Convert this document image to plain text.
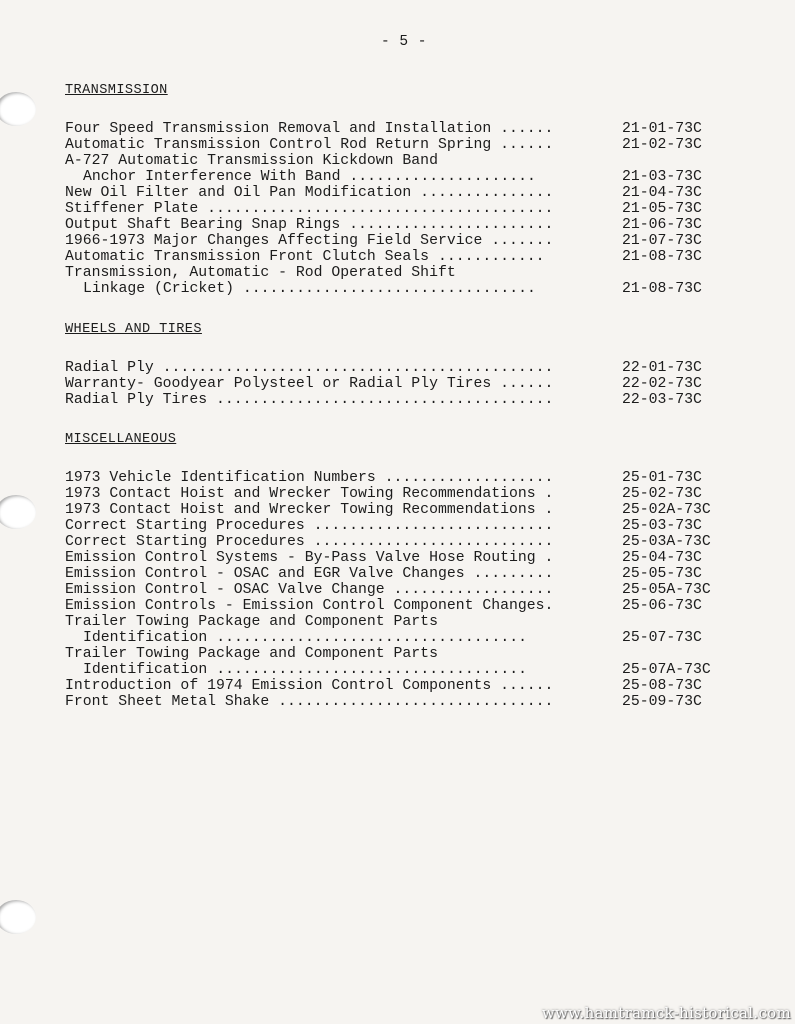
- 5 -
TRANSMISSION
Four Speed Transmission Removal and Installation ......	21-01-73C
Automatic Transmission Control Rod Return Spring ......	21-02-73C
A-727 Automatic Transmission Kickdown Band
Anchor Interference With Band .....................	21-03-73C
New Oil Filter and Oil Pan Modification ...............	21-04-73C
Stiffener Plate .......................................	21-05-73C
Output Shaft Bearing Snap Rings .......................	21-06-73C
1966-1973 Major Changes Affecting Field Service .......	21-07-73C
Automatic Transmission Front Clutch Seals ............	21-08-73C
Transmission, Automatic - Rod Operated Shift
Linkage (Cricket) .................................	21-08-73C
WHEELS AND TIRES
Radial Ply ............................................	22-01-73C
Warranty- Goodyear Polysteel or Radial Ply Tires ......	22-02-73C
Radial Ply Tires ......................................	22-03-73C
MISCELLANEOUS
1973 Vehicle Identification Numbers ...................	25-01-73C
1973 Contact Hoist and Wrecker Towing Recommendations .	25-02-73C
1973 Contact Hoist and Wrecker Towing Recommendations .	25-02A-73C
Correct Starting Procedures ...........................	25-03-73C
Correct Starting Procedures ...........................	25-03A-73C
Emission Control Systems - By-Pass Valve Hose Routing .	25-04-73C
Emission Control - OSAC and EGR Valve Changes .........	25-05-73C
Emission Control - OSAC Valve Change ..................	25-05A-73C
Emission Controls - Emission Control Component Changes.	25-06-73C
Trailer Towing Package and Component Parts
Identification ...................................	25-07-73C
Trailer Towing Package and Component Parts
Identification ...................................	25-07A-73C
Introduction of 1974 Emission Control Components ......	25-08-73C
Front Sheet Metal Shake ...............................	25-09-73C
www.hamtramck-historical.com
